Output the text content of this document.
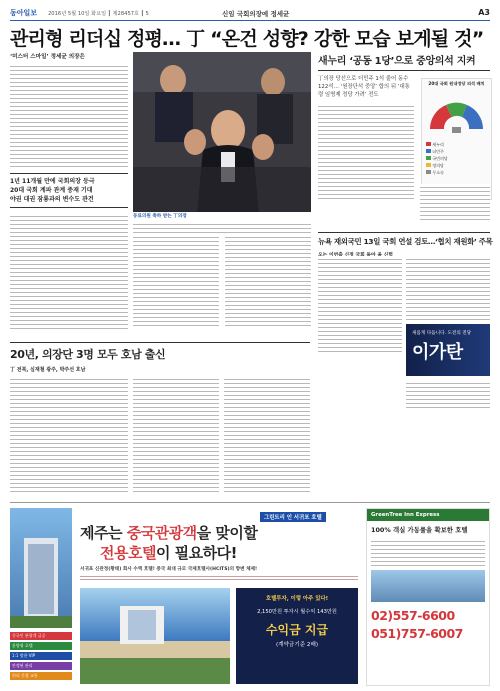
동아일보 2016년 5월 10일 화요일 ┃ 제28457호 ┃ 5	신임 국회의장에 정세균	A3
관리형 리더십 정평… 丁 “온건 성향? 강한 모습 보게될 것”
‘미스터 스마일’ 정세균 의장은
1년 11개월 만에 국회의장 등극
20대 국회 계파 관계 중재 기대
야권 대권 잠룡과의 변수도 관건
동료의원 축하 받는 丁의장
새누리 ‘공동 1당’으로 중앙의석 지켜
丁의장 당선으로 더민주 1석 줄어 동수 122석… ‘원장단석 중앙’ 합의 뒤 ‘대통령 임명제 정당 가려’ 전도
20대 국회 원내정당 의석 배치
새누리
더민주
국민의당
정의당
무소속
뉴욕 재외국민 13일 국회 연설 검토…‘협치 재원화’ 주목
새롭게 다듬니다. 도전의 전당
이가탄
20년, 의장단 3명 모두 호남 출신
丁 전북, 심재철 광주, 박주선 호남
그린트리 인 서귀포 호텔
제주는 중국관광객을 맞이할
전용호텔이 필요하다!
서귀포 신관정(황태) 회사 수액 호텔! 중국 최대 규모 국제호텔사(HCITS)의 향변 체제!
호텔투자, 이렇 아주 있다!
2,150만원 투자시 월수익 143만원
수익금 지급
(계약금기준 2배)
중국인 관광객 급증
분양형 호텔
1:1 방한 VIP
안정된 관리
편리 간접 교통
GreenTree Inn Express
100% 객실 가동률을 확보한 호텔
02)557-6600
051)757-6007
